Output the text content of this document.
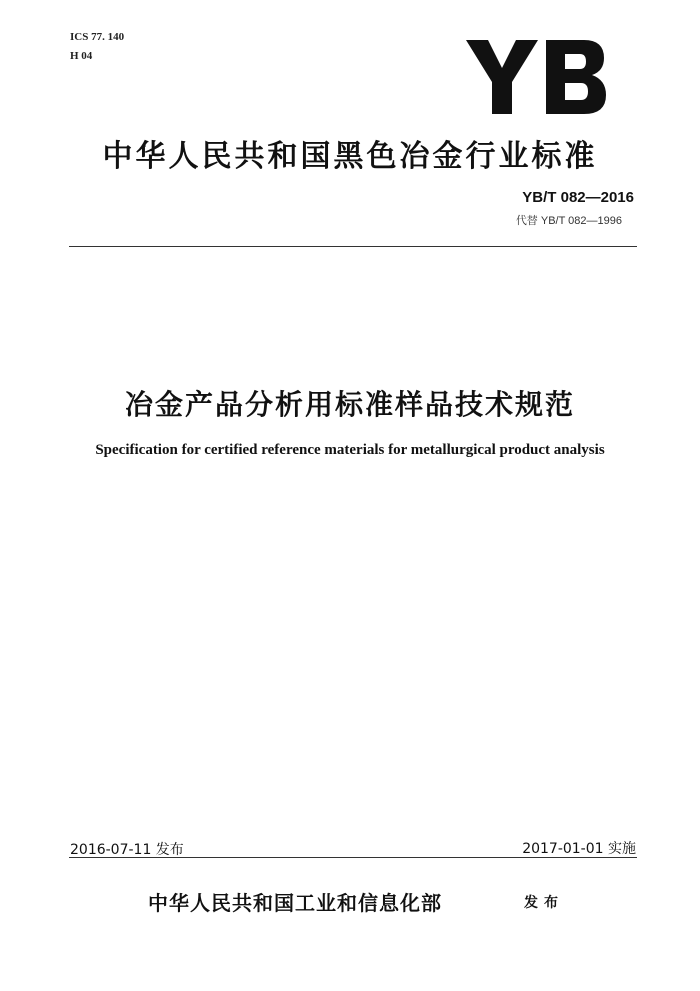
ICS 77. 140
H 04
中华人民共和国黑色冶金行业标准
YB/T 082—2016
代替 YB/T 082—1996
冶金产品分析用标准样品技术规范
Specification for certified reference materials for metallurgical product analysis
2016-07-11 发布	2017-01-01 实施
中华人民共和国工业和信息化部	发布
